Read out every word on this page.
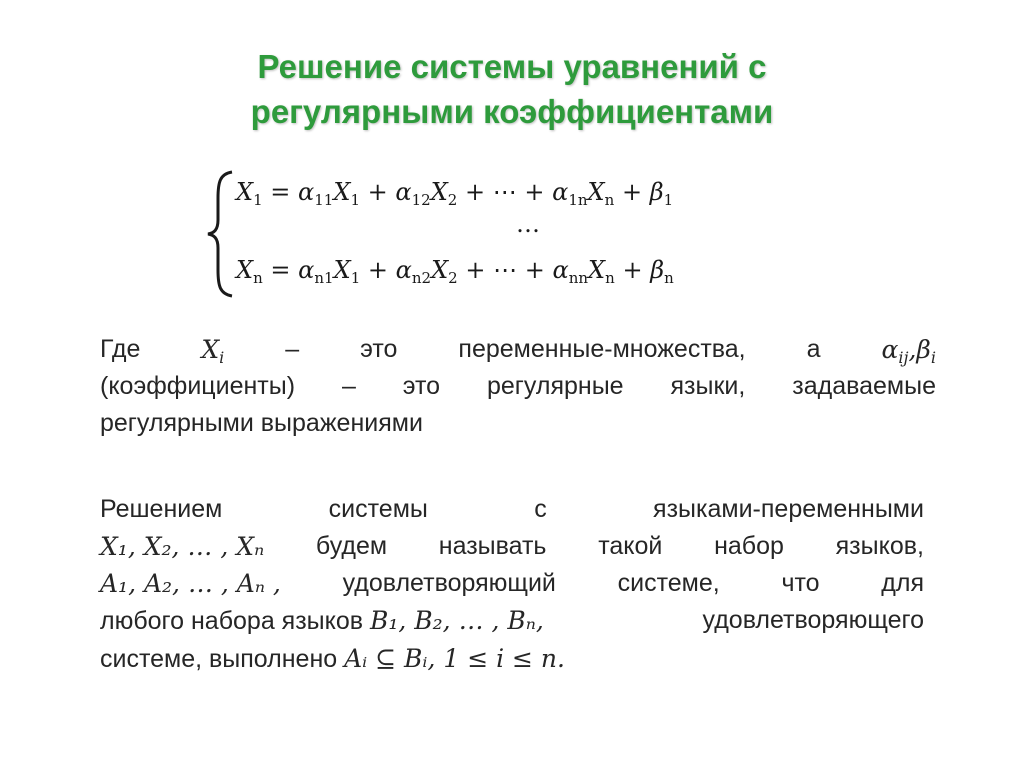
Решение системы уравнений с
регулярными коэффициентами
$X_1 = \alpha_{11}X_1 + \alpha_{12}X_2$ + ⋯ + $\alpha_{1n}X_n + \beta_1$
…
$X_n = \alpha_{n1}X_1 + \alpha_{n2}X_2$ + ⋯ + $\alpha_{nn}X_n + \beta_n$
Где $X_i$ – это переменные-множества, а $\alpha_{ij},\beta_i$
(коэффициенты) – это регулярные языки, задаваемые
регулярными выражениями
Решением	системы	с	языками-переменными
X₁, X₂, … , Xₙ будем называть такой набор языков,
A₁, A₂, … , Aₙ , удовлетворяющий системе, что для
любого набора языков B₁, B₂, … , Bₙ,	удовлетворяющего
системе, выполнено Aᵢ ⊆ Bᵢ, 1 ≤ i ≤ n.
